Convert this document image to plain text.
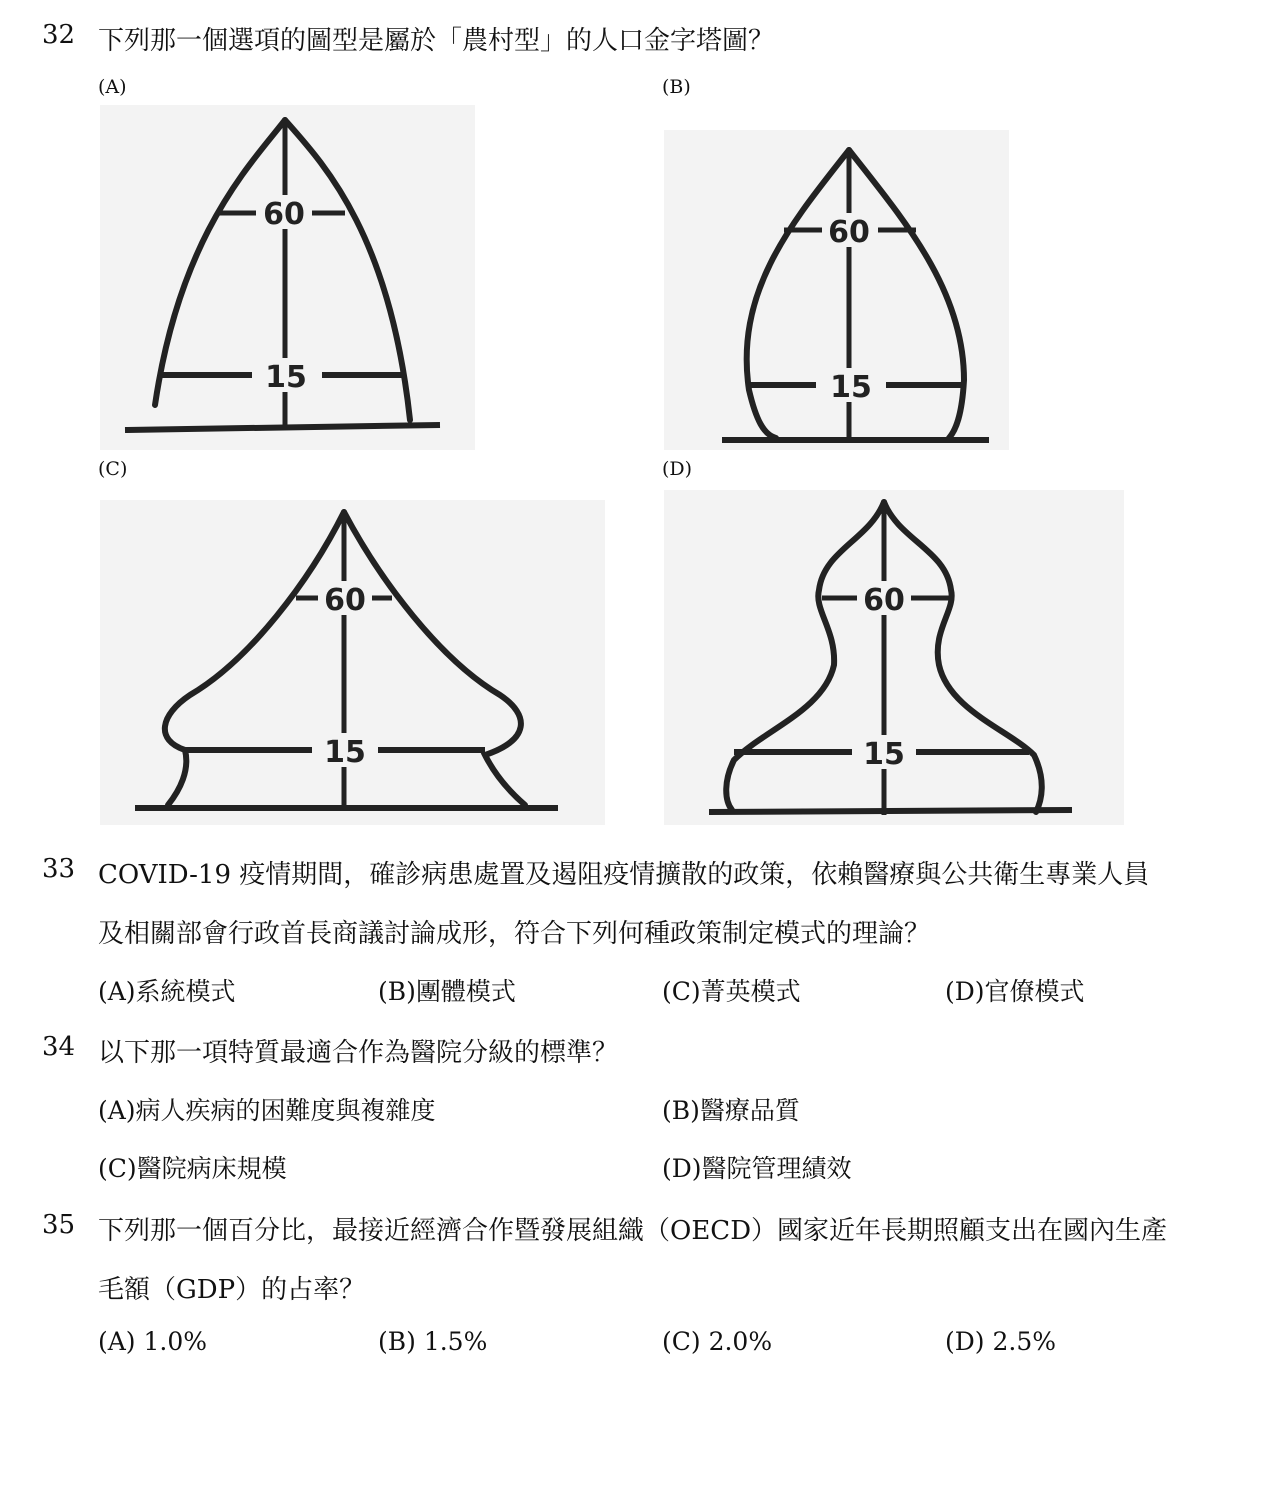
32 下列那一個選項的圖型是屬於「農村型」的人口金字塔圖？
(A)	(B)
(C)	(D)
60
15
60
15
60
15
60
15
33 COVID-19 疫情期間，確診病患處置及遏阻疫情擴散的政策，依賴醫療與公共衛生專業人員
及相關部會行政首長商議討論成形，符合下列何種政策制定模式的理論？
(A)系統模式	(B)團體模式	(C)菁英模式	(D)官僚模式
34 以下那一項特質最適合作為醫院分級的標準？
(A)病人疾病的困難度與複雜度	(B)醫療品質
(C)醫院病床規模	(D)醫院管理績效
35 下列那一個百分比，最接近經濟合作暨發展組織（OECD）國家近年長期照顧支出在國內生產
毛額（GDP）的占率？
(A) 1.0%	(B) 1.5%	(C) 2.0%	(D) 2.5%
